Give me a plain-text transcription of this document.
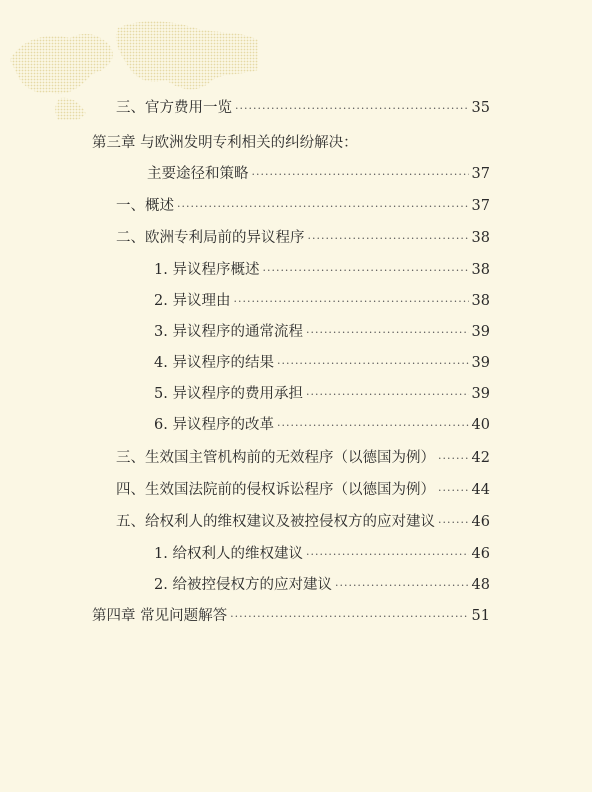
三、官方费用一览 ·····	35
第三章 与欧洲发明专利相关的纠纷解决：
主要途径和策略 ·····	37
一、概述 ·····	37
二、欧洲专利局前的异议程序 ·····	38
1. 异议程序概述 ·····	38
2. 异议理由 ·····	38
3. 异议程序的通常流程 ·····	39
4. 异议程序的结果 ·····	39
5. 异议程序的费用承担 ·····	39
6. 异议程序的改革 ·····	40
三、生效国主管机构前的无效程序（以德国为例） ·····	42
四、生效国法院前的侵权诉讼程序（以德国为例） ·····	44
五、给权利人的维权建议及被控侵权方的应对建议 ·····	46
1. 给权利人的维权建议 ·····	46
2. 给被控侵权方的应对建议 ·····	48
第四章 常见问题解答 ·····	51
